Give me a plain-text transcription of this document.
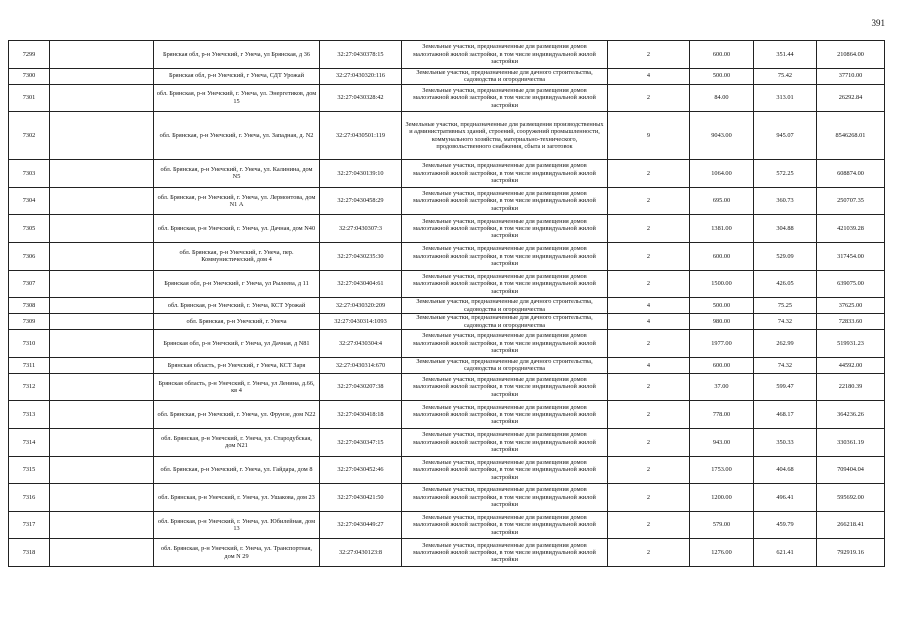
391
7299		Брянская обл, р-н Унечский, г Унеча, ул Брянская, д 36	32:27:0430378:15	Земельные участки, предназначенные для размещения домов малоэтажной жилой застройки, в том числе индивидуальной жилой застройки	2	600.00	351.44	210864.00
7300		Брянская обл, р-н Унечский, г Унеча, СДТ Урожай	32:27:0430320:116	Земельные участки, предназначенные для дачного строительства, садоводства и огородничества	4	500.00	75.42	37710.00
7301		обл. Брянская, р-н Унечский, г. Унеча, ул. Энергетиков, дом 15	32:27:0430328:42	Земельные участки, предназначенные для размещения домов малоэтажной жилой застройки, в том числе индивидуальной жилой застройки	2	84.00	313.01	26292.84
7302		обл. Брянская, р-н Унечский, г. Унеча, ул. Западная, д. N2	32:27:0430501:119	Земельные участки, предназначенные для размещения производственных и административных зданий, строений, сооружений промышленности, коммунального хозяйства, материально-технического, продовольственного снабжения, сбыта и заготовок	9	9043.00	945.07	8546268.01
7303		обл. Брянская, р-н Унечский, г. Унеча, ул. Калинина, дом N5	32:27:0430139:10	Земельные участки, предназначенные для размещения домов малоэтажной жилой застройки, в том числе индивидуальной жилой застройки	2	1064.00	572.25	608874.00
7304		обл. Брянская, р-н Унечский, г. Унеча, ул. Лермонтова, дом N1 А	32:27:0430458:29	Земельные участки, предназначенные для размещения домов малоэтажной жилой застройки, в том числе индивидуальной жилой застройки	2	695.00	360.73	250707.35
7305		обл. Брянская, р-н Унечский, г. Унеча, ул. Дачная, дом N40	32:27:0430307:3	Земельные участки, предназначенные для размещения домов малоэтажной жилой застройки, в том числе индивидуальной жилой застройки	2	1381.00	304.88	421039.28
7306		обл. Брянская, р-н Унечский, г. Унеча, пер. Коммунистический, дом 4	32:27:0430235:30	Земельные участки, предназначенные для размещения домов малоэтажной жилой застройки, в том числе индивидуальной жилой застройки	2	600.00	529.09	317454.00
7307		Брянская обл, р-н Унечский, г Унеча, ул Рылеева, д 11	32:27:0430404:61	Земельные участки, предназначенные для размещения домов малоэтажной жилой застройки, в том числе индивидуальной жилой застройки	2	1500.00	426.05	639075.00
7308		обл. Брянская, р-н Унечский, г. Унеча, КСТ Урожай	32:27:0430320:209	Земельные участки, предназначенные для дачного строительства, садоводства и огородничества	4	500.00	75.25	37625.00
7309		обл. Брянская, р-н Унечский, г. Унеча	32:27:0430314:1093	Земельные участки, предназначенные для дачного строительства, садоводства и огородничества	4	980.00	74.32	72833.60
7310		Брянская обл, р-н Унечский, г Унеча, ул Дачная, д N81	32:27:0430304:4	Земельные участки, предназначенные для размещения домов малоэтажной жилой застройки, в том числе индивидуальной жилой застройки	2	1977.00	262.99	519931.23
7311		Брянская область, р-н Унечский, г Унеча, КСТ Заря	32:27:0430314:670	Земельные участки, предназначенные для дачного строительства, садоводства и огородничества	4	600.00	74.32	44592.00
7312		Брянская область, р-н Унечский, г. Унеча, ул Ленина, д.66, кв 4	32:27:0430207:38	Земельные участки, предназначенные для размещения домов малоэтажной жилой застройки, в том числе индивидуальной жилой застройки	2	37.00	599.47	22180.39
7313		обл. Брянская, р-н Унечский, г. Унеча, ул. Фрунзе, дом N22	32:27:0430418:18	Земельные участки, предназначенные для размещения домов малоэтажной жилой застройки, в том числе индивидуальной жилой застройки	2	778.00	468.17	364236.26
7314		обл. Брянская, р-н Унечский, г. Унеча, ул. Стародубская, дом N21	32:27:0430347:15	Земельные участки, предназначенные для размещения домов малоэтажной жилой застройки, в том числе индивидуальной жилой застройки	2	943.00	350.33	330361.19
7315		обл. Брянская, р-н Унечский, г. Унеча, ул. Гайдара, дом 8	32:27:0430452:46	Земельные участки, предназначенные для размещения домов малоэтажной жилой застройки, в том числе индивидуальной жилой застройки	2	1753.00	404.68	709404.04
7316		обл. Брянская, р-н Унечский, г. Унеча, ул. Ушакова, дом 23	32:27:0430421:50	Земельные участки, предназначенные для размещения домов малоэтажной жилой застройки, в том числе индивидуальной жилой застройки	2	1200.00	496.41	595692.00
7317		обл. Брянская, р-н Унечский, г. Унеча, ул. Юбилейная, дом 13	32:27:0430449:27	Земельные участки, предназначенные для размещения домов малоэтажной жилой застройки, в том числе индивидуальной жилой застройки	2	579.00	459.79	266218.41
7318		обл. Брянская, р-н Унечский, г. Унеча, ул. Транспортная, дом N 29	32:27:0430123:8	Земельные участки, предназначенные для размещения домов малоэтажной жилой застройки, в том числе индивидуальной жилой застройки	2	1276.00	621.41	792919.16
